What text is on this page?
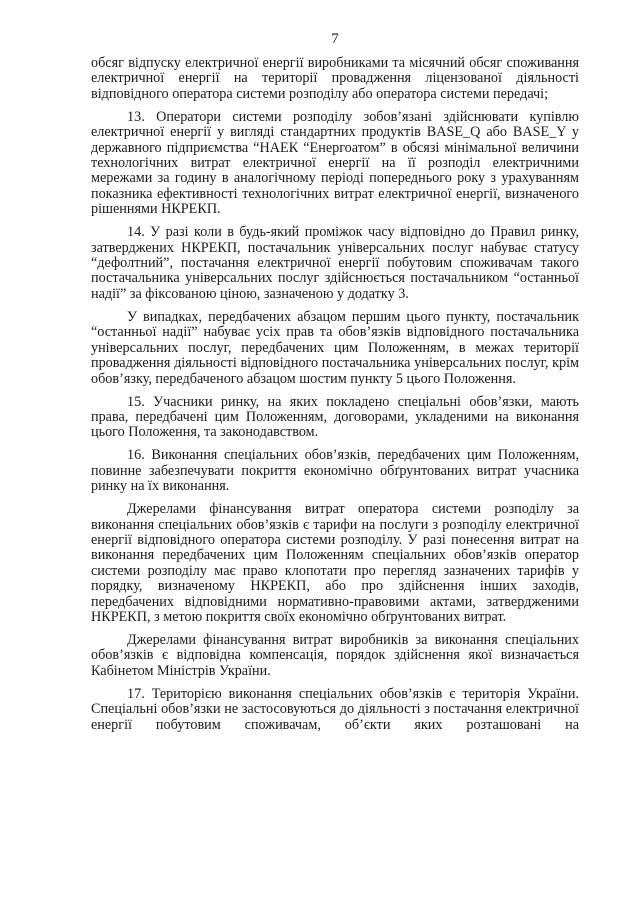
7

обсяг відпуску електричної енергії виробниками та місячний обсяг споживання електричної енергії на території провадження ліцензованої діяльності відповідного оператора системи розподілу або оператора системи передачі;

13. Оператори системи розподілу зобов’язані здійснювати купівлю електричної енергії у вигляді стандартних продуктів BASE_Q або BASE_Y у державного підприємства “НАЕК “Енергоатом” в обсязі мінімальної величини технологічних витрат електричної енергії на її розподіл електричними мережами за годину в аналогічному періоді попереднього року з урахуванням показника ефективності технологічних витрат електричної енергії, визначеного рішеннями НКРЕКП.

14. У разі коли в будь-який проміжок часу відповідно до Правил ринку, затверджених НКРЕКП, постачальник універсальних послуг набуває статусу “дефолтний”, постачання електричної енергії побутовим споживачам такого постачальника універсальних послуг здійснюється постачальником “останньої надії” за фіксованою ціною, зазначеною у додатку 3.

У випадках, передбачених абзацом першим цього пункту, постачальник “останньої надії” набуває усіх прав та обов’язків відповідного постачальника універсальних послуг, передбачених цим Положенням, в межах території провадження діяльності відповідного постачальника універсальних послуг, крім обов’язку, передбаченого абзацом шостим пункту 5 цього Положення.

15. Учасники ринку, на яких покладено спеціальні обов’язки, мають права, передбачені цим Положенням, договорами, укладеними на виконання цього Положення, та законодавством.

16. Виконання спеціальних обов’язків, передбачених цим Положенням, повинне забезпечувати покриття економічно обґрунтованих витрат учасника ринку на їх виконання.

Джерелами фінансування витрат оператора системи розподілу за виконання спеціальних обов’язків є тарифи на послуги з розподілу електричної енергії відповідного оператора системи розподілу. У разі понесення витрат на виконання передбачених цим Положенням спеціальних обов’язків оператор системи розподілу має право клопотати про перегляд зазначених тарифів у порядку, визначеному НКРЕКП, або про здійснення інших заходів, передбачених відповідними нормативно-правовими актами, затвердженими НКРЕКП, з метою покриття своїх економічно обґрунтованих витрат.

Джерелами фінансування витрат виробників за виконання спеціальних обов’язків є відповідна компенсація, порядок здійснення якої визначається Кабінетом Міністрів України.

17. Територією виконання спеціальних обов’язків є територія України. Спеціальні обов’язки не застосовуються до діяльності з постачання електричної енергії побутовим споживачам, об’єкти яких розташовані на
